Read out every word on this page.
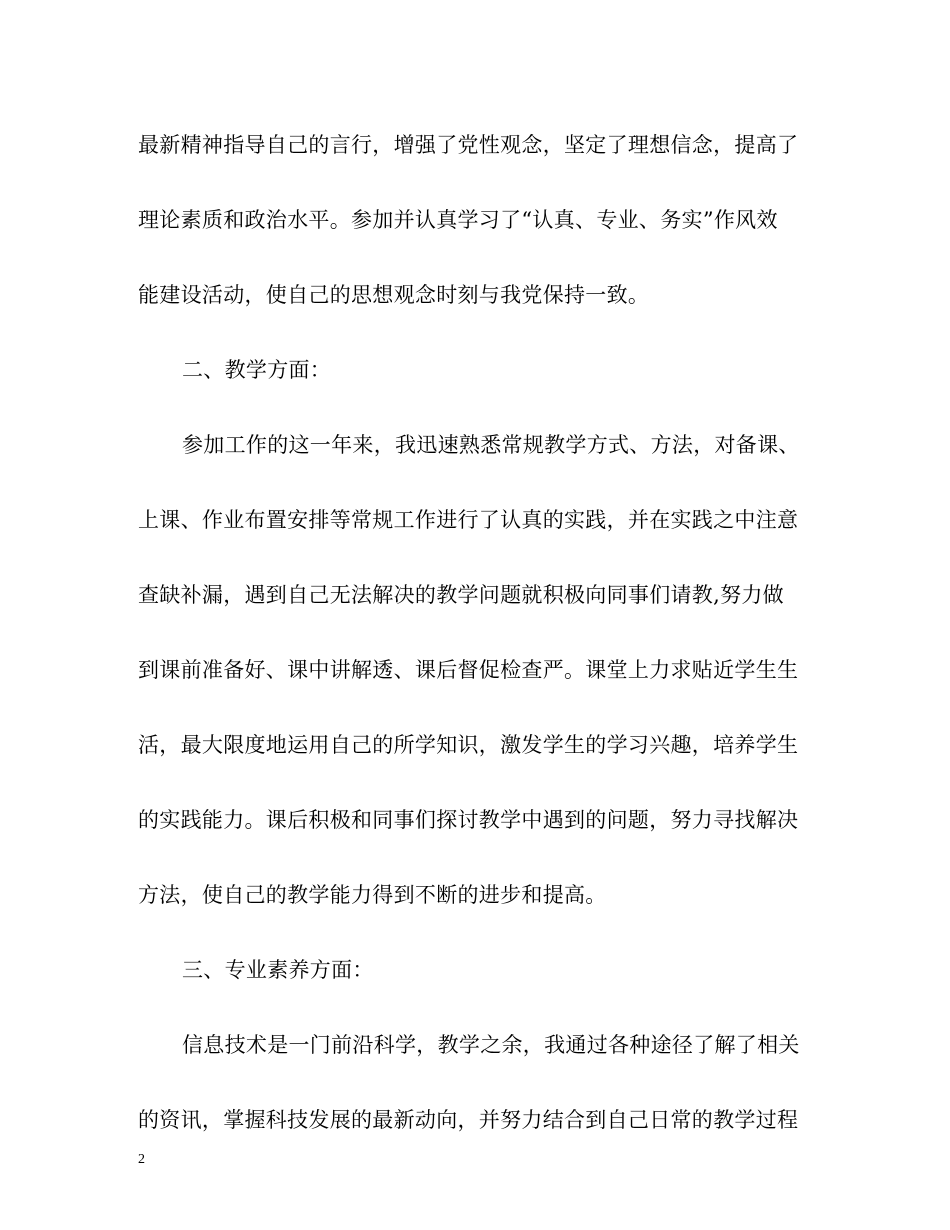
最新精神指导自己的言行，增强了党性观念，坚定了理想信念，提高了
理论素质和政治水平。参加并认真学习了“认真、专业、务实”作风效
能建设活动，使自己的思想观念时刻与我党保持一致。
二、教学方面：
参加工作的这一年来，我迅速熟悉常规教学方式、方法，对备课、
上课、作业布置安排等常规工作进行了认真的实践，并在实践之中注意
查缺补漏，遇到自己无法解决的教学问题就积极向同事们请教,努力做
到课前准备好、课中讲解透、课后督促检查严。课堂上力求贴近学生生
活，最大限度地运用自己的所学知识，激发学生的学习兴趣，培养学生
的实践能力。课后积极和同事们探讨教学中遇到的问题，努力寻找解决
方法，使自己的教学能力得到不断的进步和提高。
三、专业素养方面：
信息技术是一门前沿科学，教学之余，我通过各种途径了解了相关
的资讯，掌握科技发展的最新动向，并努力结合到自己日常的教学过程
2
